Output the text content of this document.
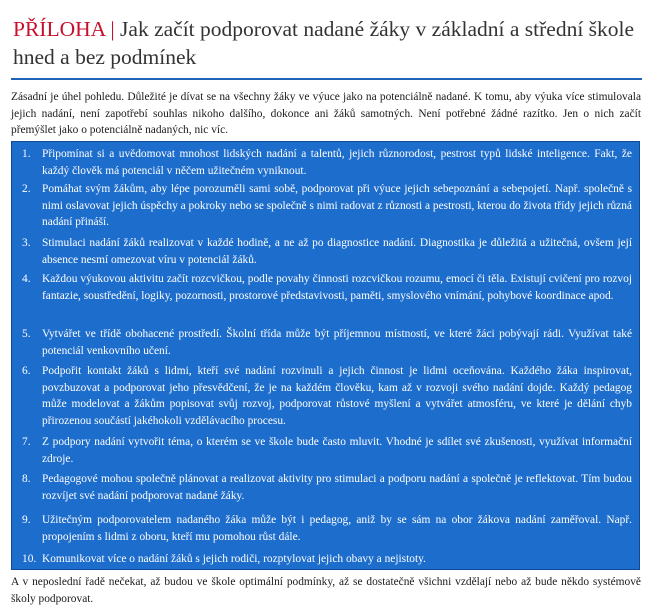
PŘÍLOHA | Jak začít podporovat nadané žáky v základní a střední škole hned a bez podmínek

Zásadní je úhel pohledu. Důležité je dívat se na všechny žáky ve výuce jako na potenciálně nadané. K tomu, aby výuka více stimulovala jejich nadání, není zapotřebí souhlas nikoho dalšího, dokonce ani žáků samotných. Není potřebné žádné razítko. Jen o nich začít přemýšlet jako o potenciálně nadaných, nic víc.

1.	Připomínat si a uvědomovat mnohost lidských nadání a talentů, jejich různorodost, pestrost typů lidské inteligence. Fakt, že každý člověk má potenciál v něčem užitečném vyniknout.
2.	Pomáhat svým žákům, aby lépe porozuměli sami sobě, podporovat při výuce jejich sebepoznání a sebepojetí. Např. společně s nimi oslavovat jejich úspěchy a pokroky nebo se společně s nimi radovat z různosti a pestrosti, kterou do života třídy jejich různá nadání přináší.
3.	Stimulaci nadání žáků realizovat v každé hodině, a ne až po diagnostice nadání. Diagnostika je důležitá a užitečná, ovšem její absence nesmí omezovat víru v potenciál žáků.
4.	Každou výukovou aktivitu začít rozcvičkou, podle povahy činnosti rozcvičkou rozumu, emocí či těla. Existují cvičení pro rozvoj fantazie, soustředění, logiky, pozornosti, prostorové představivosti, paměti, smyslového vnímání, pohybové koordinace apod.
5.	Vytvářet ve třídě obohacené prostředí. Školní třída může být příjemnou místností, ve které žáci pobývají rádi. Využívat také potenciál venkovního učení.
6.	Podpořit kontakt žáků s lidmi, kteří své nadání rozvinuli a jejich činnost je lidmi oceňována. Každého žáka inspirovat, povzbuzovat a podporovat jeho přesvědčení, že je na každém člověku, kam až v rozvoji svého nadání dojde. Každý pedagog může modelovat a žákům popisovat svůj rozvoj, podporovat růstové myšlení a vytvářet atmosféru, ve které je dělání chyb přirozenou součástí jakéhokoli vzdělávacího procesu.
7.	Z podpory nadání vytvořit téma, o kterém se ve škole bude často mluvit. Vhodné je sdílet své zkušenosti, využívat informační zdroje.
8.	Pedagogové mohou společně plánovat a realizovat aktivity pro stimulaci a podporu nadání a společně je reflektovat. Tím budou rozvíjet své nadání podporovat nadané žáky.
9.	Užitečným podporovatelem nadaného žáka může být i pedagog, aniž by se sám na obor žákova nadání zaměřoval. Např. propojením s lidmi z oboru, kteří mu pomohou růst dále.
10. Komunikovat více o nadání žáků s jejich rodiči, rozptylovat jejich obavy a nejistoty.

A v neposlední řadě nečekat, až budou ve škole optimální podmínky, až se dostatečně všichni vzdělají nebo až bude někdo systémově školy podporovat.
